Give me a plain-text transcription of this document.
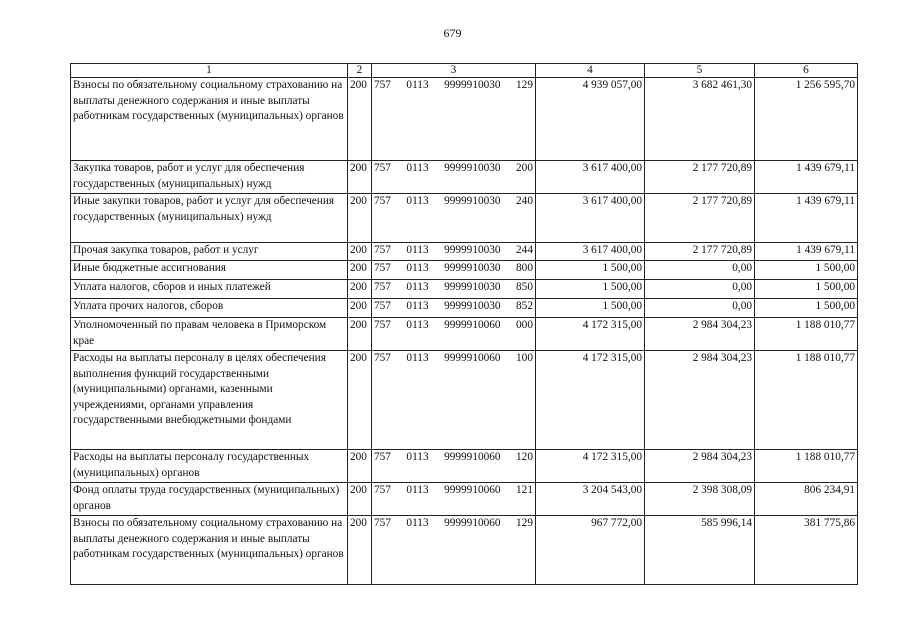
679
1	2	3	4	5	6
Взносы по обязательному социальному страхованию на выплаты денежного содержания и иные выплаты работникам государственных (муниципальных) органов	200	757 0113 9999910030 129	4 939 057,00	3 682 461,30	1 256 595,70
Закупка товаров, работ и услуг для обеспечения государственных (муниципальных) нужд	200	757 0113 9999910030 200	3 617 400,00	2 177 720,89	1 439 679,11
Иные закупки товаров, работ и услуг для обеспечения государственных (муниципальных) нужд	200	757 0113 9999910030 240	3 617 400,00	2 177 720,89	1 439 679,11
Прочая закупка товаров, работ и услуг	200	757 0113 9999910030 244	3 617 400,00	2 177 720,89	1 439 679,11
Иные бюджетные ассигнования	200	757 0113 9999910030 800	1 500,00	0,00	1 500,00
Уплата налогов, сборов и иных платежей	200	757 0113 9999910030 850	1 500,00	0,00	1 500,00
Уплата прочих налогов, сборов	200	757 0113 9999910030 852	1 500,00	0,00	1 500,00
Уполномоченный по правам человека в Приморском крае	200	757 0113 9999910060 000	4 172 315,00	2 984 304,23	1 188 010,77
Расходы на выплаты персоналу в целях обеспечения выполнения функций государственными (муниципальными) органами, казенными учреждениями, органами управления государственными внебюджетными фондами	200	757 0113 9999910060 100	4 172 315,00	2 984 304,23	1 188 010,77
Расходы на выплаты персоналу государственных (муниципальных) органов	200	757 0113 9999910060 120	4 172 315,00	2 984 304,23	1 188 010,77
Фонд оплаты труда государственных (муниципальных) органов	200	757 0113 9999910060 121	3 204 543,00	2 398 308,09	806 234,91
Взносы по обязательному социальному страхованию на выплаты денежного содержания и иные выплаты работникам государственных (муниципальных) органов	200	757 0113 9999910060 129	967 772,00	585 996,14	381 775,86
